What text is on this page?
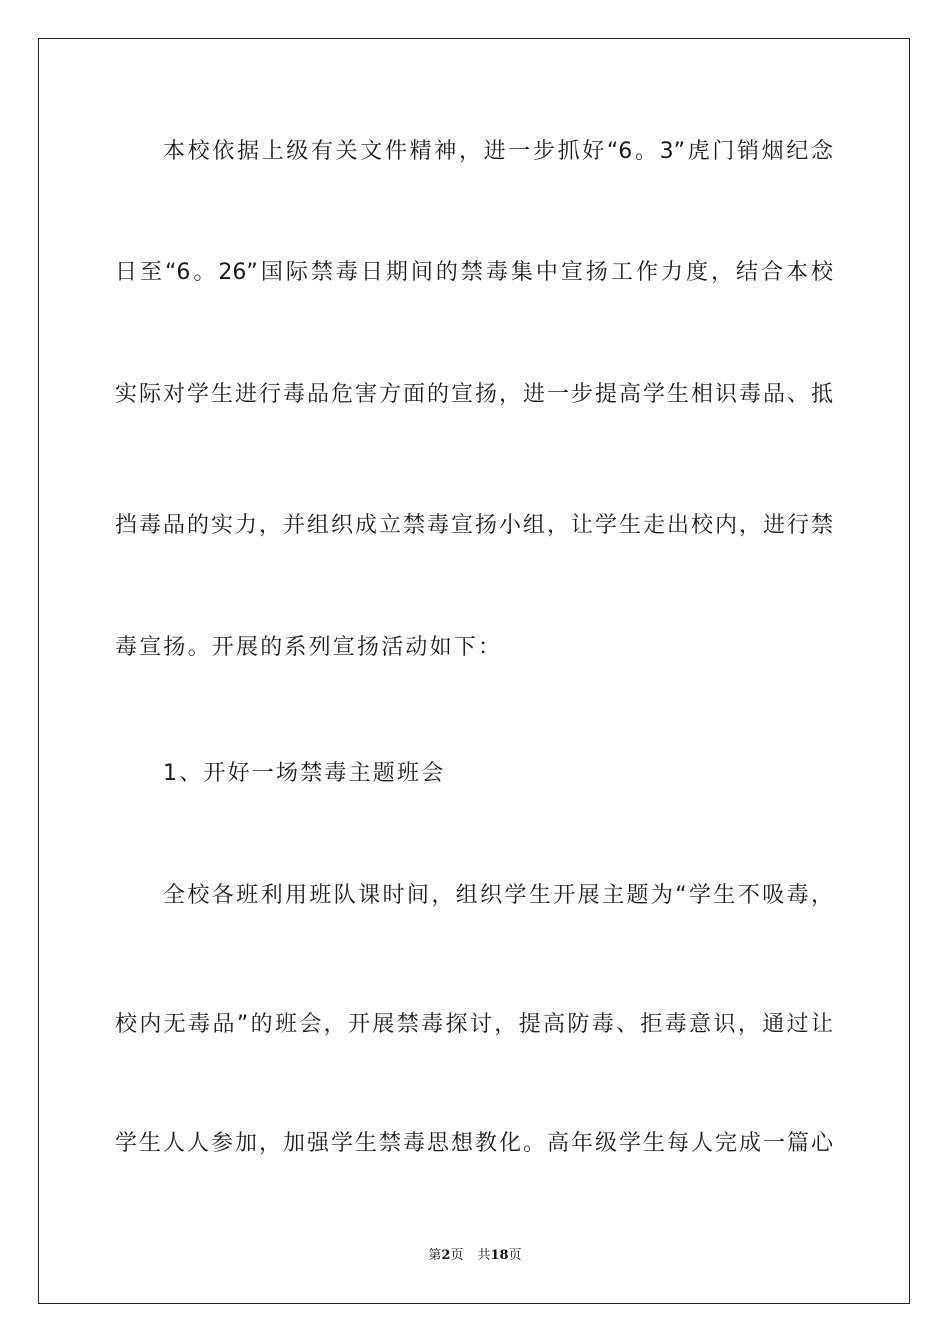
本校依据上级有关文件精神，进一步抓好“6。3”虎门销烟纪念
日至“6。26”国际禁毒日期间的禁毒集中宣扬工作力度，结合本校
实际对学生进行毒品危害方面的宣扬，进一步提高学生相识毒品、抵
挡毒品的实力，并组织成立禁毒宣扬小组，让学生走出校内，进行禁
毒宣扬。开展的系列宣扬活动如下：
1、开好一场禁毒主题班会
全校各班利用班队课时间，组织学生开展主题为“学生不吸毒，
校内无毒品”的班会，开展禁毒探讨，提高防毒、拒毒意识，通过让
学生人人参加，加强学生禁毒思想教化。高年级学生每人完成一篇心
第2页 共18页
